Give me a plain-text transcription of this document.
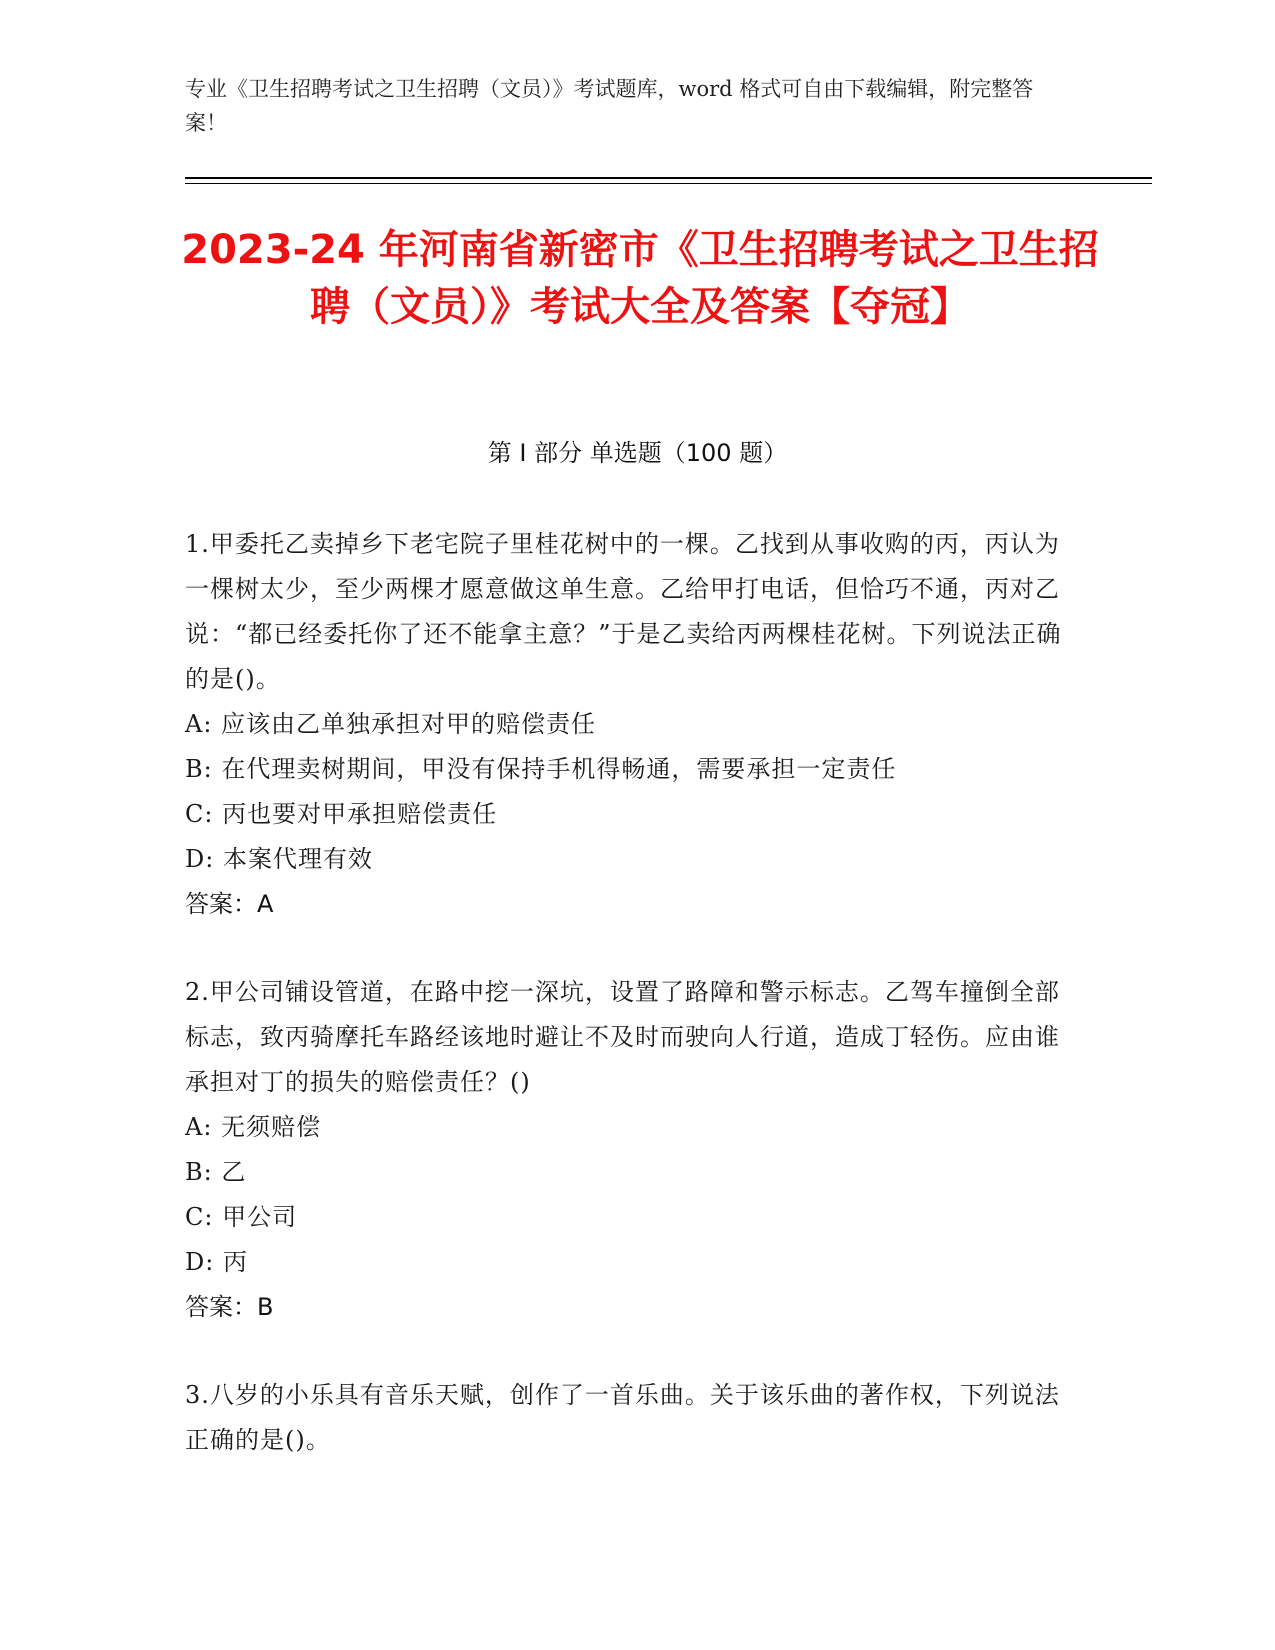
专业《卫生招聘考试之卫生招聘（文员）》考试题库，word 格式可自由下载编辑，附完整答案！
2023-24 年河南省新密市《卫生招聘考试之卫生招聘（文员）》考试大全及答案【夺冠】
第 I 部分 单选题（100 题）

1.甲委托乙卖掉乡下老宅院子里桂花树中的一棵。乙找到从事收购的丙，丙认为一棵树太少，至少两棵才愿意做这单生意。乙给甲打电话，但恰巧不通，丙对乙说：“都已经委托你了还不能拿主意？”于是乙卖给丙两棵桂花树。下列说法正确的是()。

A: 应该由乙单独承担对甲的赔偿责任

B: 在代理卖树期间，甲没有保持手机得畅通，需要承担一定责任

C: 丙也要对甲承担赔偿责任

D: 本案代理有效

答案：A

2.甲公司铺设管道，在路中挖一深坑，设置了路障和警示标志。乙驾车撞倒全部标志，致丙骑摩托车路经该地时避让不及时而驶向人行道，造成丁轻伤。应由谁承担对丁的损失的赔偿责任？()

A: 无须赔偿

B: 乙

C: 甲公司

D: 丙

答案：B

3.八岁的小乐具有音乐天赋，创作了一首乐曲。关于该乐曲的著作权，下列说法正确的是()。
